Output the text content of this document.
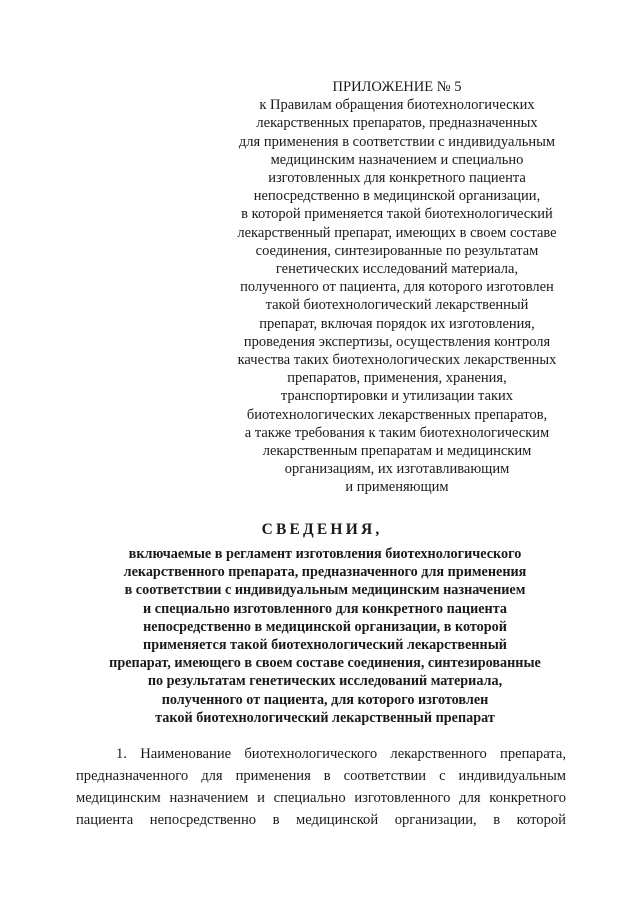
ПРИЛОЖЕНИЕ № 5
к Правилам обращения биотехнологических
лекарственных препаратов, предназначенных
для применения в соответствии с индивидуальным
медицинским назначением и специально
изготовленных для конкретного пациента
непосредственно в медицинской организации,
в которой применяется такой биотехнологический
лекарственный препарат, имеющих в своем составе
соединения, синтезированные по результатам
генетических исследований материала,
полученного от пациента, для которого изготовлен
такой биотехнологический лекарственный
препарат, включая порядок их изготовления,
проведения экспертизы, осуществления контроля
качества таких биотехнологических лекарственных
препаратов, применения, хранения,
транспортировки и утилизации таких
биотехнологических лекарственных препаратов,
а также требования к таким биотехнологическим
лекарственным препаратам и медицинским
организациям, их изготавливающим
и применяющим
СВЕДЕНИЯ,
включаемые в регламент изготовления биотехнологического
лекарственного препарата, предназначенного для применения
в соответствии с индивидуальным медицинским назначением
и специально изготовленного для конкретного пациента
непосредственно в медицинской организации, в которой
применяется такой биотехнологический лекарственный
препарат, имеющего в своем составе соединения, синтезированные
по результатам генетических исследований материала,
полученного от пациента, для которого изготовлен
такой биотехнологический лекарственный препарат
1. Наименование биотехнологического лекарственного препарата,
предназначенного для применения в соответствии с индивидуальным
медицинским назначением и специально изготовленного для конкретного
пациента непосредственно в медицинской организации, в которой
